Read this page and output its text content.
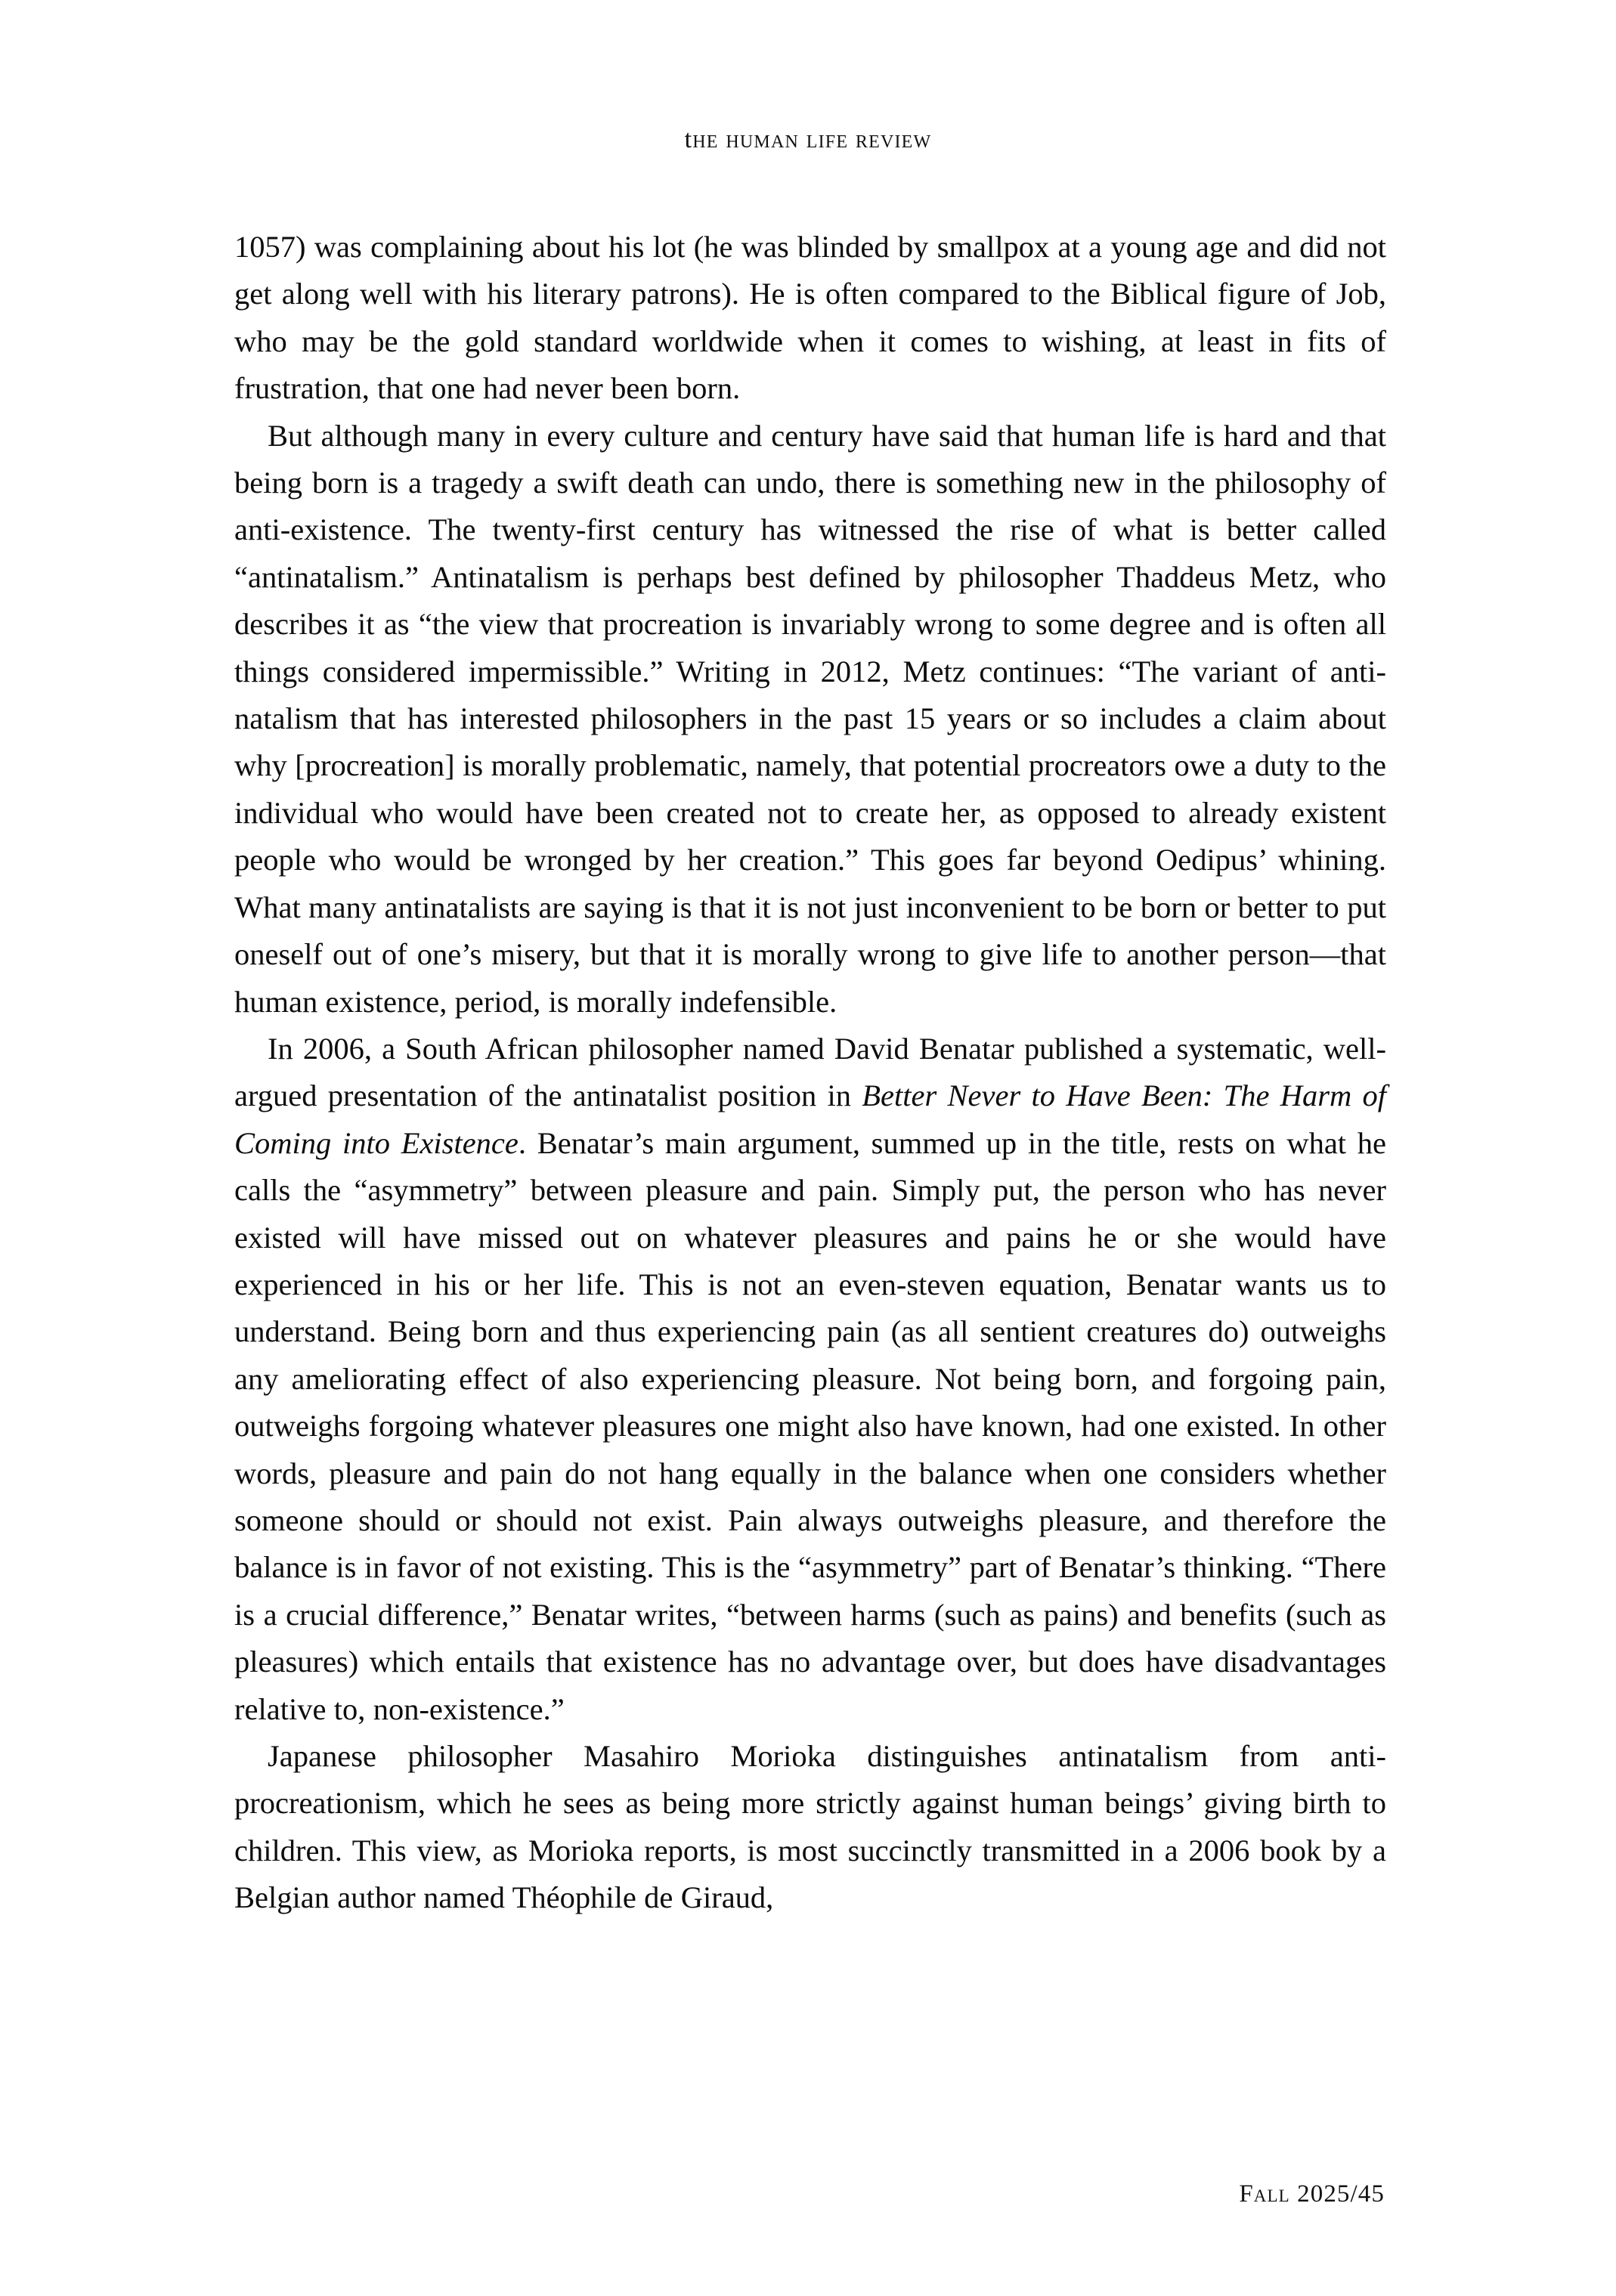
the human life review

1057) was complaining about his lot (he was blinded by smallpox at a young age and did not get along well with his literary patrons). He is often compared to the Biblical figure of Job, who may be the gold standard worldwide when it comes to wishing, at least in fits of frustration, that one had never been born.

But although many in every culture and century have said that human life is hard and that being born is a tragedy a swift death can undo, there is something new in the philosophy of anti-existence. The twenty-first century has witnessed the rise of what is better called “antinatalism.” Antinatalism is perhaps best defined by philosopher Thaddeus Metz, who describes it as “the view that procreation is invariably wrong to some degree and is often all things considered impermissible.” Writing in 2012, Metz continues: “The variant of anti-natalism that has interested philosophers in the past 15 years or so includes a claim about why [procreation] is morally problematic, namely, that potential procreators owe a duty to the individual who would have been created not to create her, as opposed to already existent people who would be wronged by her creation.” This goes far beyond Oedipus’ whining. What many antinatalists are saying is that it is not just inconvenient to be born or better to put oneself out of one’s misery, but that it is morally wrong to give life to another person—that human existence, period, is morally indefensible.

In 2006, a South African philosopher named David Benatar published a systematic, well-argued presentation of the antinatalist position in Better Never to Have Been: The Harm of Coming into Existence. Benatar’s main argument, summed up in the title, rests on what he calls the “asymmetry” between pleasure and pain. Simply put, the person who has never existed will have missed out on whatever pleasures and pains he or she would have experienced in his or her life. This is not an even-steven equation, Benatar wants us to understand. Being born and thus experiencing pain (as all sentient creatures do) outweighs any ameliorating effect of also experiencing pleasure. Not being born, and forgoing pain, outweighs forgoing whatever pleasures one might also have known, had one existed. In other words, pleasure and pain do not hang equally in the balance when one considers whether someone should or should not exist. Pain always outweighs pleasure, and therefore the balance is in favor of not existing. This is the “asymmetry” part of Benatar’s thinking. “There is a crucial difference,” Benatar writes, “between harms (such as pains) and benefits (such as pleasures) which entails that existence has no advantage over, but does have disadvantages relative to, non-existence.”

Japanese philosopher Masahiro Morioka distinguishes antinatalism from anti-procreationism, which he sees as being more strictly against human beings’ giving birth to children. This view, as Morioka reports, is most succinctly transmitted in a 2006 book by a Belgian author named Théophile de Giraud,

Fall 2025/45
